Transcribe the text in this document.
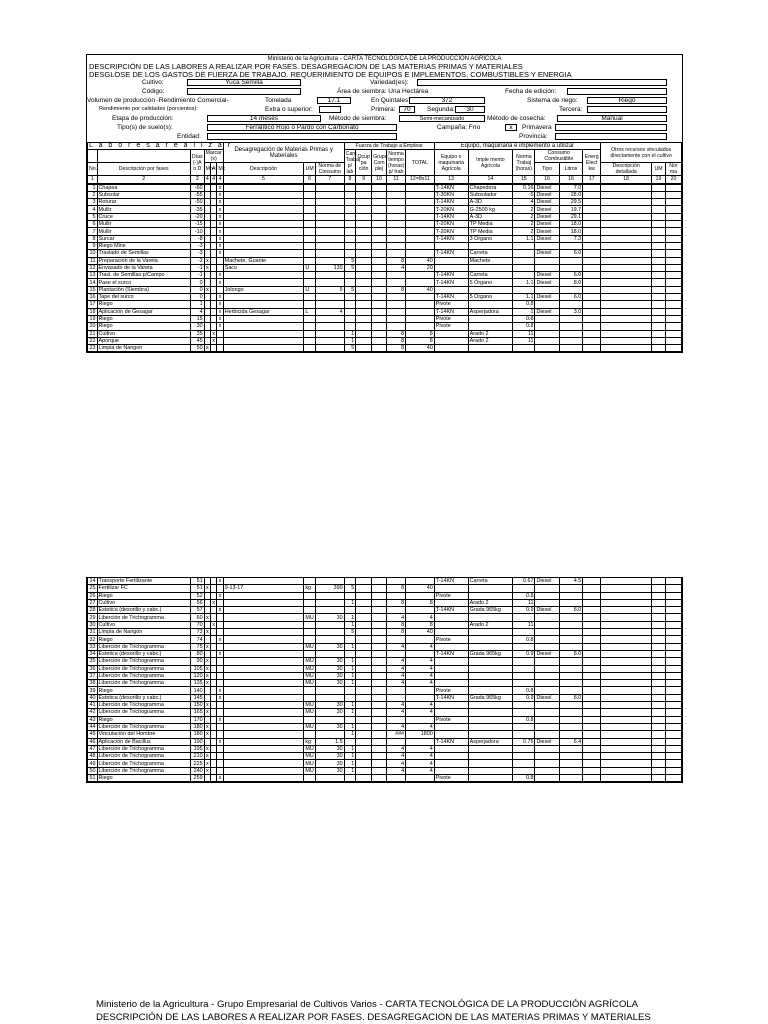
Ministerio de la Agricultura - CARTA TECNOLÓGICA DE LA PRODUCCIÓN AGRÍCOLA
DESCRIPCIÓN DE LAS LABORES A REALIZAR POR FASES. DESAGREGACION DE LAS MATERIAS PRIMAS Y MATERIALES
DESGLOSE DE LOS GASTOS DE FUERZA DE TRABAJO. REQUERIMIENTO DE EQUIPOS E IMPLEMENTOS, COMBUSTIBLES Y ENERGIA
Cultivo:	Yuca Semilla	Variedad(es):
Código:	Área de siembra: Una Hectárea	Fecha de edición:
Volumen de producción -Rendimiento Comercial-	Tonelada	17.1	En Quintales:	372	Sistema de riego:	Riego
Rendimiento por calidades (porcientos):	Extra o superior:	Primera:	70	Segunda:	30	Tercera:
Etapa de producción:	14 meses	Método de siembra:	Semi-mecanizado	Método de cosecha:	Manual
Tipo(s) de suelo(s):	Ferralítico Rojo o Pardo con Carbonato	Campaña: Frío	x	Primavera
Entidad:	Provincia:
L a b o r e s a r e a l i z a r						Desagregación de Materias Primas y Materiales			Fuerza de Trabajo a Emplear					Equipo, maquinaria e implemento a utilizar						Otros recursos vinculados directamente con el cultivo		
		Días (-)A o D	Marcar (x)						Cant Trabaj p/ lab	Ocup pa ción	Grupo Com plej	Norma tiempo (horas) p/ trab	TOTAL	Equipo o maquinaria Agrícola	Imple mento Agrícola	Norma Trabaj (horas)	Consumo Combustible		Energ Elect kw			
No.	Descripción por fases		Mn	At	Mc	Descripción	UM	Norma de Consumo									Tipo	Litros		Descripción detallada	UM	Nor ma
1	2	3	4	4	4	5	6	7	8	9	10	11	12=8x11	13	14	15	16	16	17	18	19	20
1	Chapea	-60			x									T-14KN	Chapedora	0.16	Diesel	7.0				
2	Subsolar	-55			x									T-30KN	Subsolador	5	Diesel	28.0				
3	Roturar	-50			x									T-14KN	A-3D	4	Diesel	29.5				
4	Mullir	-35			x									T-20KN	G-2500 kg	2	Diesel	19.7				
5	Cruce	-20			x									T-14KN	A-3D	2	Diesel	29.1				
6	Mullir	-15			x									T-20KN	TP Media	2	Diesel	18.0				
7	Mullir	-10			x									T-20KN	TP Media	2	Diesel	18.0				
8	Surcar	-8			x									T-14KN	3 Órgano	1.1	Diesel	7.3				
9	Riego Mine	-3			x																	
10	Traslado de Semillas	-3			x									T-14KN	Carreta		Diesel	6.0				
11	Preparación de la Vareta	-2	x			Machete, Guante			5			8	40		Machete							
12	Envasado de la Vareta	-1	x			Saco	U	130	5			4	20									
13	Trasl. de Semillas p/Campo	-1			x									T-14KN	Carreta		Diesel	6.0				
14	Pase el surco	0			x									T-14KN	5 Órgano	1.1	Diesel	8.0				
15	Plantación (Siembra)	0	x			Jolongo	U	5	5			8	40									
16	Tape del surco	0			x									T-14KN	5 Órgano	1.1	Diesel	6.0				
17	Riego	1			x									Pivote		0.8						
18	Aplicación de Gesagar	4			x	Herbicida Gesagar	L	4						T-14KN	Asperjadora	1	Diesel	3.0				
19	Riego	15			x									Pivote		0.8						
20	Riego	30			x									Pivote		0.8						
21	Cultivo	35		x					1			8	8		Arado 2	11						
22	Aporque	45		x					1			8	8		Arado 2	11						
23	Limpia de Narigon	50	x						5			8	40									
24	Transporte Fertilizante	51			x									T-14KN	Carreta	0.67	Diesel	4.5				
25	Fertilizar FC	51	x			9-13-17	kg	390	5			8	40									
26	Riego	52			x									Pivote		0.8						
27	Cultivo	56		x					1			8	8		Arado 2	11						
28	Estetica (desorillo y cabc.)	57			x									T-14KN	Grada 965kg	0.9	Diesel	8.0				
29	Liberción de Trichogramma	60	x				MU	30	1			4	4									
30	Cultivo	70		x					1			8	8		Arado 2	11						
31	Limpia de Narigón	73	x						5			8	40									
32	Riego	74			x									Pivote		0.8						
33	Liberción de Trichogramma	75	x				MU	30	1			4	4									
34	Estetica (desorillo y cabc.)	80			x									T-14KN	Grada 965kg	0.9	Diesel	8.0				
35	Liberción de Trichogramma	90	x				MU	30	1			4	4									
36	Liberción de Trichogramma	105	x				MU	30	1			4	4									
37	Liberción de Trichogramma	120	x				MU	30	1			4	4									
38	Liberción de Trichogramma	135	x				MU	30	1			4	4									
39	Riego	140			x									Pivote		0.8						
40	Estetica (desorillo y cabc.)	145			x									T-14KN	Grada 965kg	0.9	Diesel	8.0				
41	Liberción de Trichogramma	150	x				MU	30	1			4	4									
42	Liberción de Trichogramma	165	x				MU	30	1			4	4									
43	Riego	170			x									Pivote		0.8						
44	Liberción de Trichogramma	180	x				MU	30	1			4	4									
45	Vinculación del Hombre	180	x						1			###	1800									
46	Aplicación de Bacillus	190			x		kg	1.5						T-14KN	Asperjadora	0.75	Diesel	6.4				
47	Liberción de Trichogramma	195	x				MU	30	1			4	4									
48	Liberción de Trichogramma	210	x				MU	30	1			4	4									
49	Liberción de Trichogramma	225	x				MU	30	1			4	4									
50	Liberción de Trichogramma	240	x				MU	30	1			4	4									
51	Riego	259			x									Pivote		0.8						
Ministerio de la Agricultura - Grupo Empresarial de Cultivos Varios - CARTA TECNOLÓGICA DE LA PRODUCCIÓN AGRÍCOLA
DESCRIPCIÓN DE LAS LABORES A REALIZAR POR FASES. DESAGREGACION DE LAS MATERIAS PRIMAS Y MATERIALES
